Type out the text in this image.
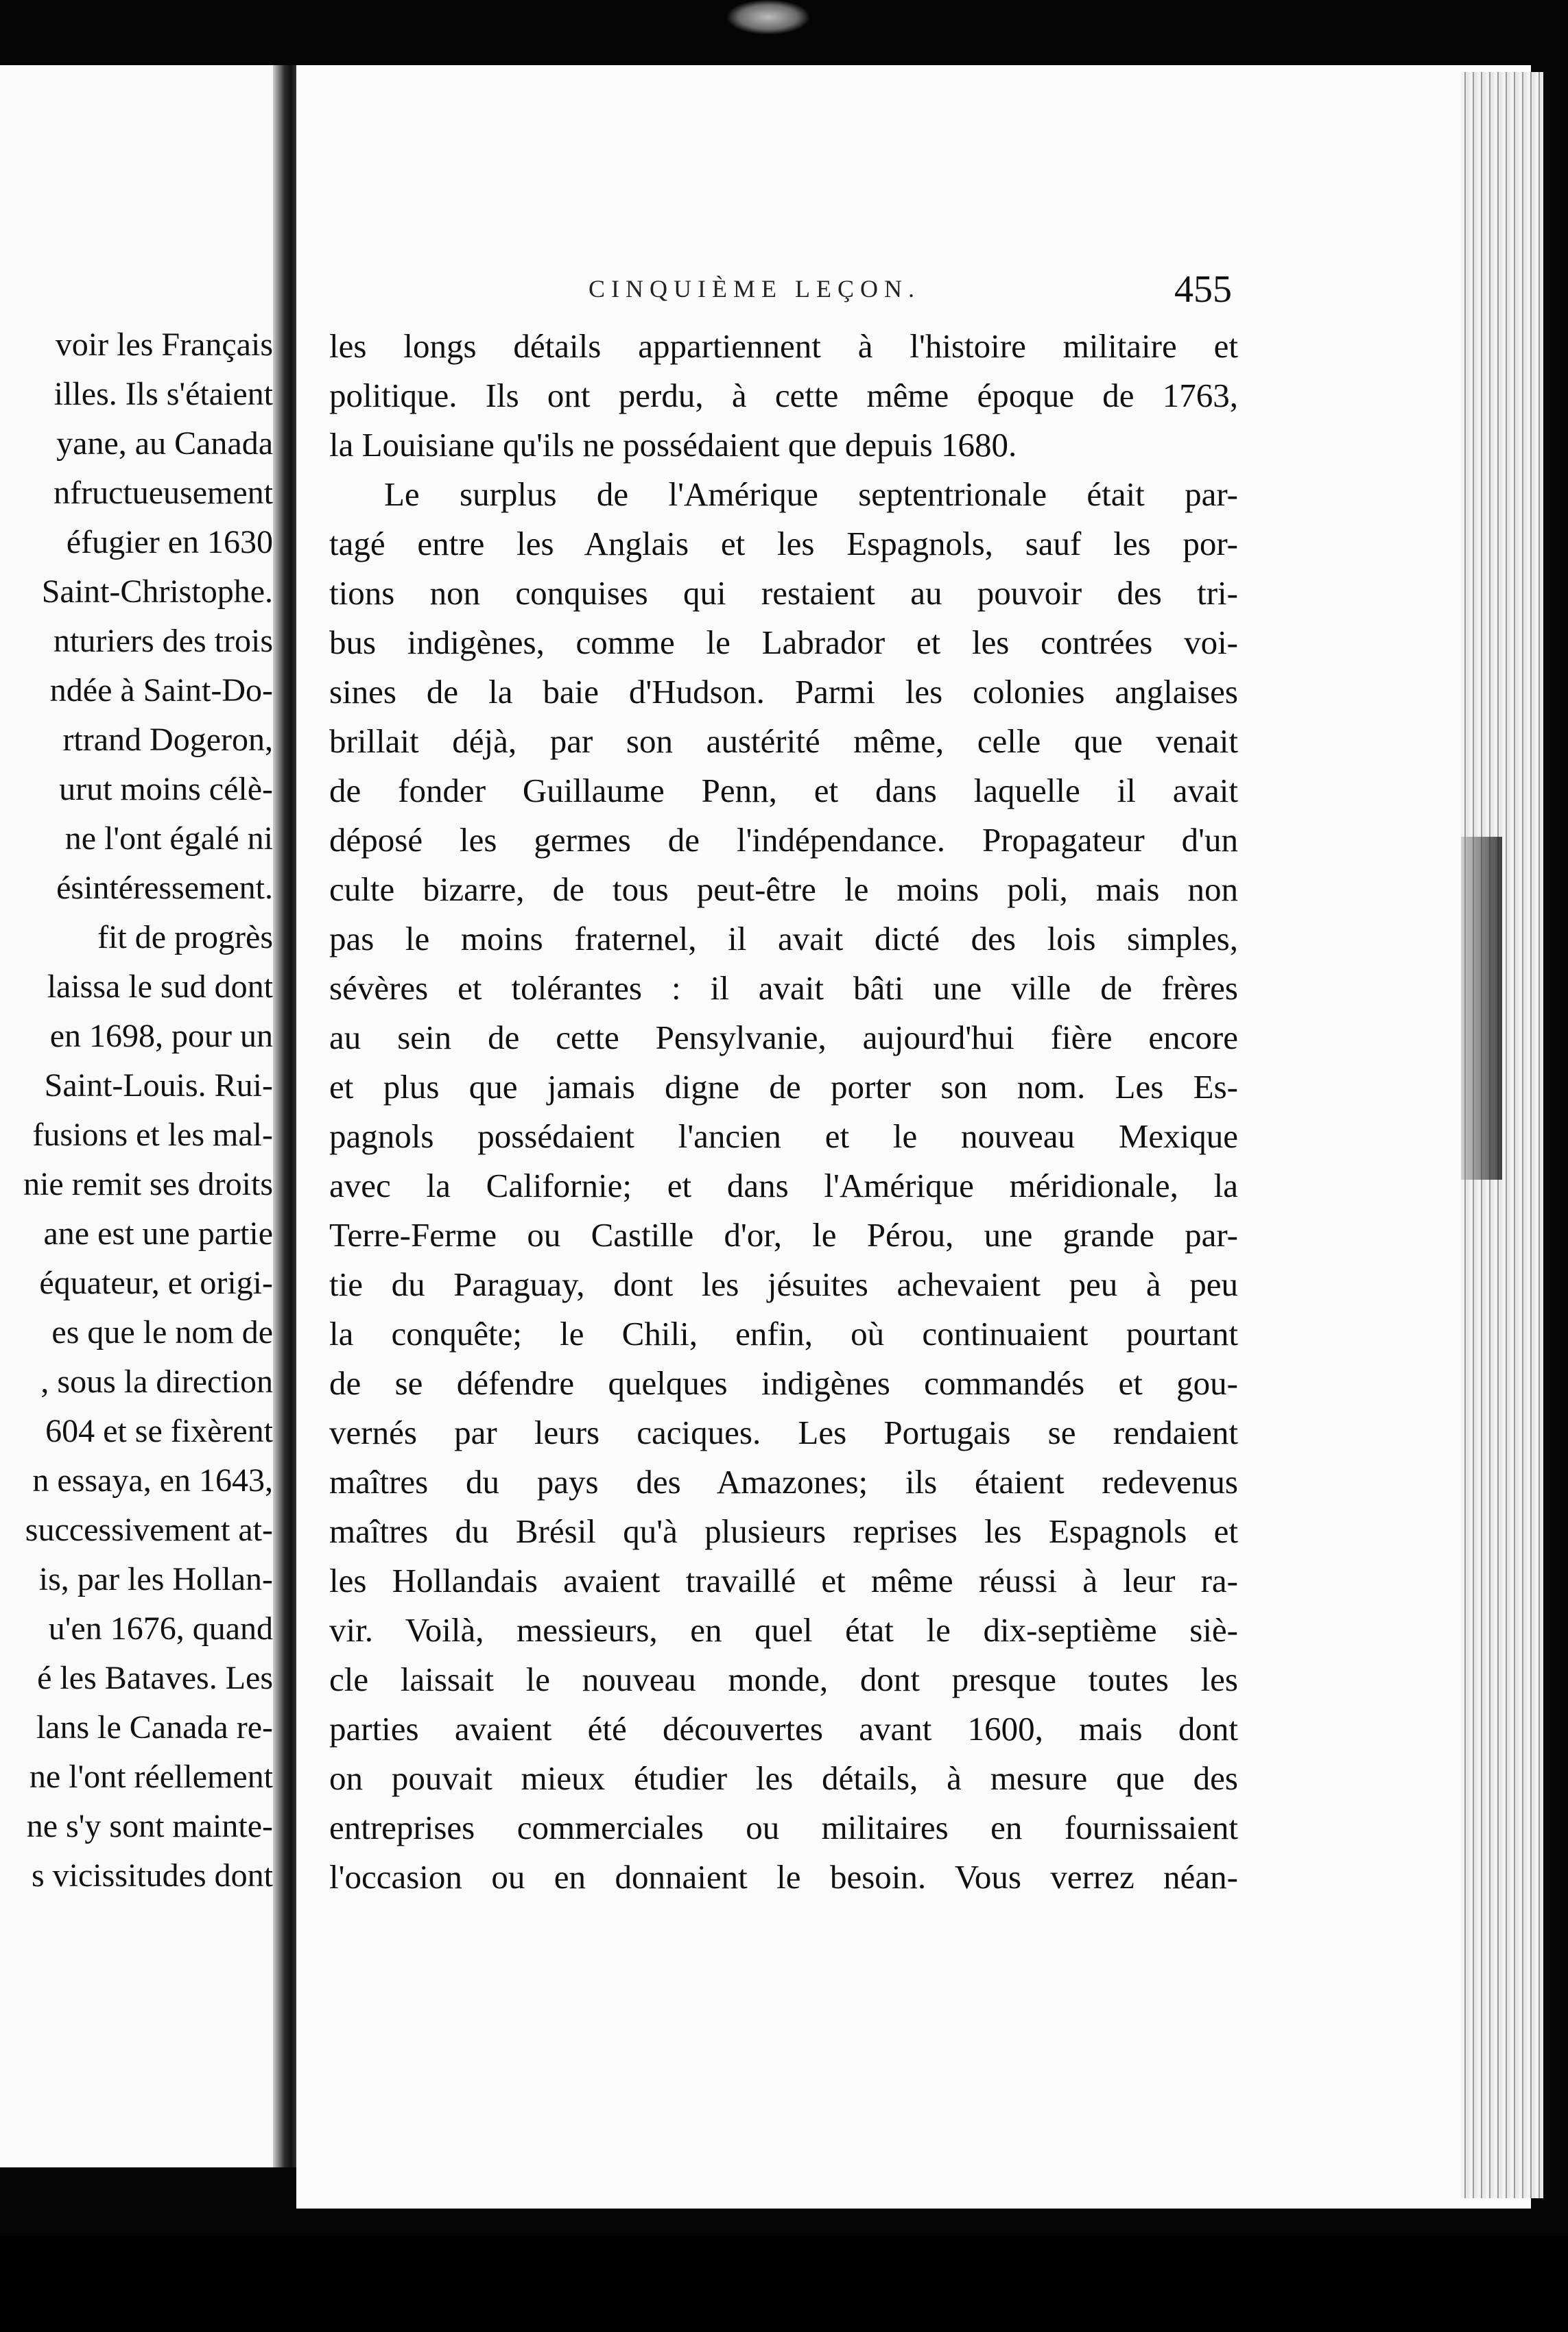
voir les Français
illes. Ils s'étaient
yane, au Canada
nfructueusement
éfugier en 1630
Saint-Christophe.
nturiers des trois
ndée à Saint-Do-
rtrand Dogeron,
urut moins célè-
ne l'ont égalé ni
ésintéressement.
fit de progrès
laissa le sud dont
en 1698, pour un
Saint-Louis. Rui-
fusions et les mal-
nie remit ses droits
ane est une partie
équateur, et origi-
es que le nom de
, sous la direction
604 et se fixèrent
n essaya, en 1643,
successivement at-
is, par les Hollan-
u'en 1676, quand
é les Bataves. Les
lans le Canada re-
ne l'ont réellement
ne s'y sont mainte-
s vicissitudes dont
CINQUIÈME LEÇON.	455
les longs détails appartiennent à l'histoire militaire et
politique. Ils ont perdu, à cette même époque de 1763,
la Louisiane qu'ils ne possédaient que depuis 1680.
Le surplus de l'Amérique septentrionale était par-
tagé entre les Anglais et les Espagnols, sauf les por-
tions non conquises qui restaient au pouvoir des tri-
bus indigènes, comme le Labrador et les contrées voi-
sines de la baie d'Hudson. Parmi les colonies anglaises
brillait déjà, par son austérité même, celle que venait
de fonder Guillaume Penn, et dans laquelle il avait
déposé les germes de l'indépendance. Propagateur d'un
culte bizarre, de tous peut-être le moins poli, mais non
pas le moins fraternel, il avait dicté des lois simples,
sévères et tolérantes : il avait bâti une ville de frères
au sein de cette Pensylvanie, aujourd'hui fière encore
et plus que jamais digne de porter son nom. Les Es-
pagnols possédaient l'ancien et le nouveau Mexique
avec la Californie; et dans l'Amérique méridionale, la
Terre-Ferme ou Castille d'or, le Pérou, une grande par-
tie du Paraguay, dont les jésuites achevaient peu à peu
la conquête; le Chili, enfin, où continuaient pourtant
de se défendre quelques indigènes commandés et gou-
vernés par leurs caciques. Les Portugais se rendaient
maîtres du pays des Amazones; ils étaient redevenus
maîtres du Brésil qu'à plusieurs reprises les Espagnols et
les Hollandais avaient travaillé et même réussi à leur ra-
vir. Voilà, messieurs, en quel état le dix-septième siè-
cle laissait le nouveau monde, dont presque toutes les
parties avaient été découvertes avant 1600, mais dont
on pouvait mieux étudier les détails, à mesure que des
entreprises commerciales ou militaires en fournissaient
l'occasion ou en donnaient le besoin. Vous verrez néan-
